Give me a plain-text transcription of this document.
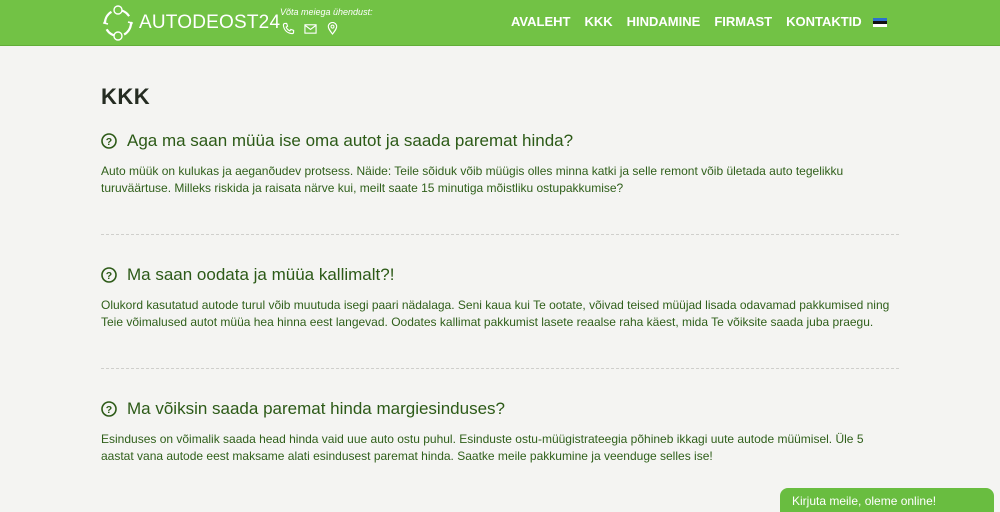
AUTODEOST24 Võta meiega ühendust:
AVALEHT KKK HINDAMINE FIRMAST KONTAKTID
KKK
? Aga ma saan müüa ise oma autot ja saada paremat hinda?

Auto müük on kulukas ja aeganõudev protsess. Näide: Teile sõiduk võib müügis olles minna katki ja selle remont võib ületada auto tegelikku turuväärtuse. Milleks riskida ja raisata närve kui, meilt saate 15 minutiga mõistliku ostupakkumise?

? Ma saan oodata ja müüa kallimalt?!

Olukord kasutatud autode turul võib muutuda isegi paari nädalaga. Seni kaua kui Te ootate, võivad teised müüjad lisada odavamad pakkumised ning Teie võimalused autot müüa hea hinna eest langevad. Oodates kallimat pakkumist lasete reaalse raha käest, mida Te võiksite saada juba praegu.

? Ma võiksin saada paremat hinda margiesinduses?

Esinduses on võimalik saada head hinda vaid uue auto ostu puhul. Esinduste ostu-müügistrateegia põhineb ikkagi uute autode müümisel. Üle 5 aastat vana autode eest maksame alati esindusest paremat hinda. Saatke meile pakkumine ja veenduge selles ise!

Kirjuta meile, oleme online!
